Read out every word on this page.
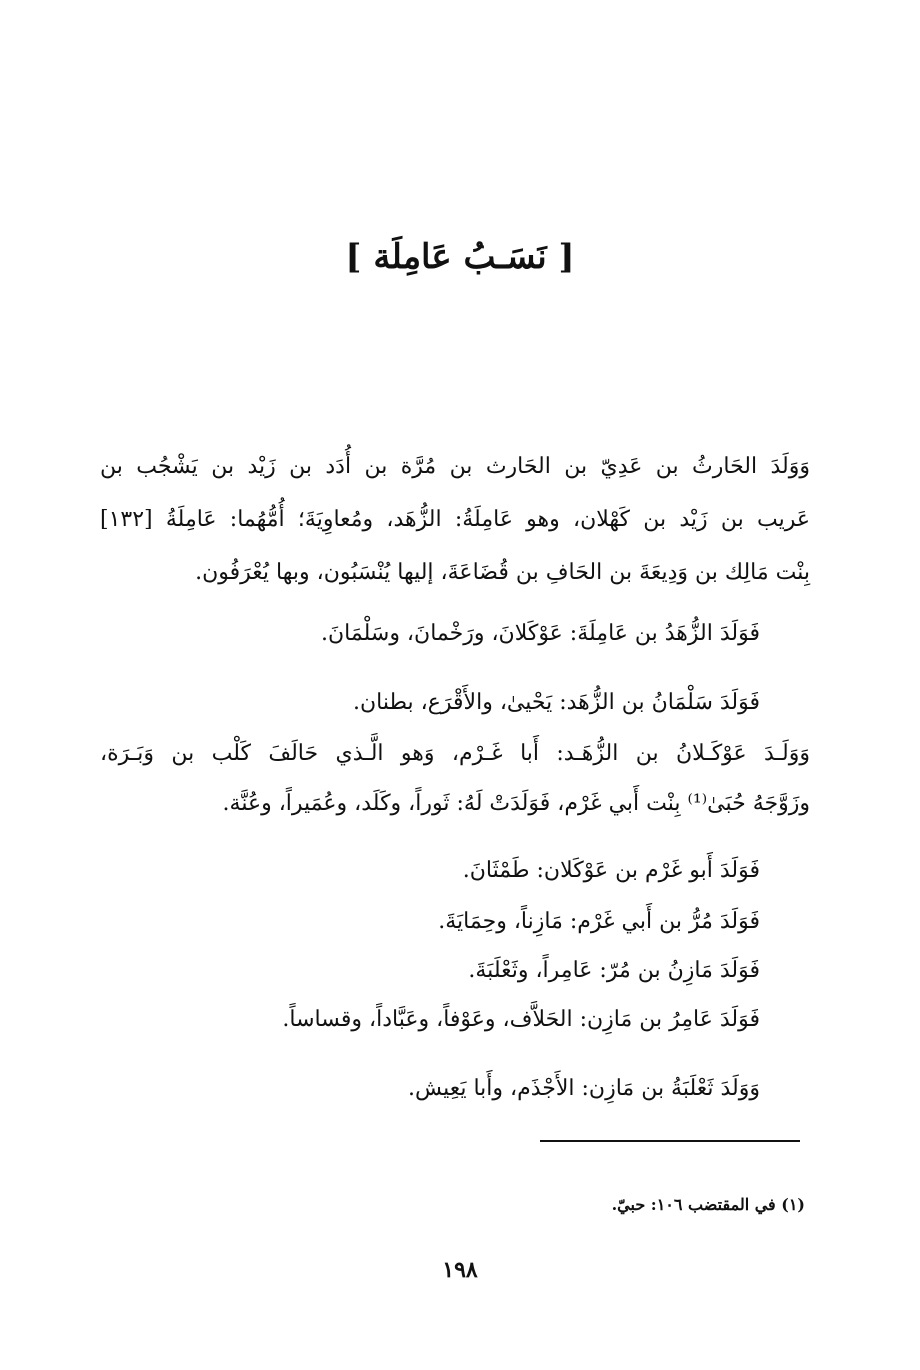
[ نَسَـبُ عَامِلَة ]
وَوَلَدَ الحَارثُ بن عَدِيّ بن الحَارث بن مُرَّة بن أُدَد بن زَيْد بن يَشْجُب بن
عَريب بن زَيْد بن كَهْلان، وهو عَامِلَةُ: الزُّهَد، ومُعاوِيَةَ؛ أُمُّهُما: عَامِلَةُ [١٣٢]
بِنْت مَالِك بن وَدِيعَةَ بن الحَافِ بن قُضَاعَةَ، إليها يُنْسَبُون، وبها يُعْرَفُون.
فَوَلَدَ الزُّهَدُ بن عَامِلَةَ: عَوْكَلانَ، ورَخْمانَ، وسَلْمَانَ.
فَوَلَدَ سَلْمَانُ بن الزُّهَد: يَحْيىٰ، والأَقْرَع، بطنان.
وَوَلَـدَ عَوْكَـلانُ بن الزُّهَـد: أَبا غَـرْم، وَهو الَّـذي حَالَفَ كَلْب بن وَبَـرَة،
وزَوَّجَهُ حُبَىٰ⁽¹⁾ بِنْت أَبي غَرْم، فَوَلَدَتْ لَهُ: ثَوراً، وكَلَد، وعُمَيراً، وعُنَّة.
فَوَلَدَ أَبو غَرْم بن عَوْكَلان: طَمْثَانَ.
فَوَلَدَ مُرُّ بن أَبي غَرْم: مَازِناً، وحِمَايَةَ.
فَوَلَدَ مَازِنُ بن مُرّ: عَامِراً، وثَعْلَبَةَ.
فَوَلَدَ عَامِرُ بن مَازِن: الحَلاَّف، وعَوْفاً، وعَبَّاداً، وقساساً.
وَوَلَدَ ثَعْلَبَةُ بن مَازِن: الأَجْذَم، وأَبا يَعِيش.
(١) في المقتضب ١٠٦: حبيّ.
١٩٨
